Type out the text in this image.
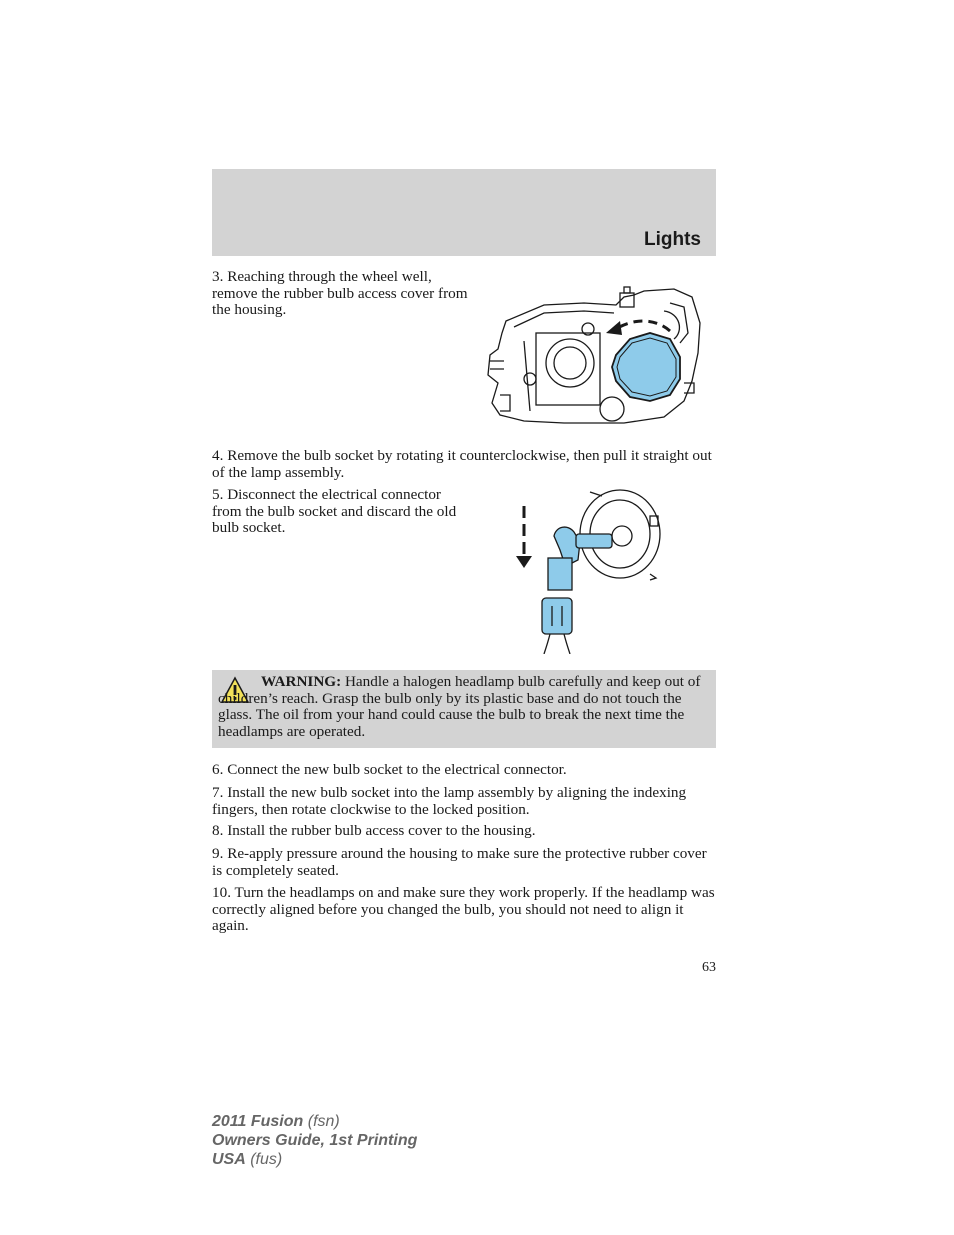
Lights
3. Reaching through the wheel well, remove the rubber bulb access cover from the housing.
4. Remove the bulb socket by rotating it counterclockwise, then pull it straight out of the lamp assembly.
5. Disconnect the electrical connector from the bulb socket and discard the old bulb socket.
WARNING: Handle a halogen headlamp bulb carefully and keep out of children’s reach. Grasp the bulb only by its plastic base and do not touch the glass. The oil from your hand could cause the bulb to break the next time the headlamps are operated.
6. Connect the new bulb socket to the electrical connector.
7. Install the new bulb socket into the lamp assembly by aligning the indexing fingers, then rotate clockwise to the locked position.
8. Install the rubber bulb access cover to the housing.
9. Re-apply pressure around the housing to make sure the protective rubber cover is completely seated.
10. Turn the headlamps on and make sure they work properly. If the headlamp was correctly aligned before you changed the bulb, you should not need to align it again.
63
2011 Fusion (fsn)
Owners Guide, 1st Printing
USA (fus)
